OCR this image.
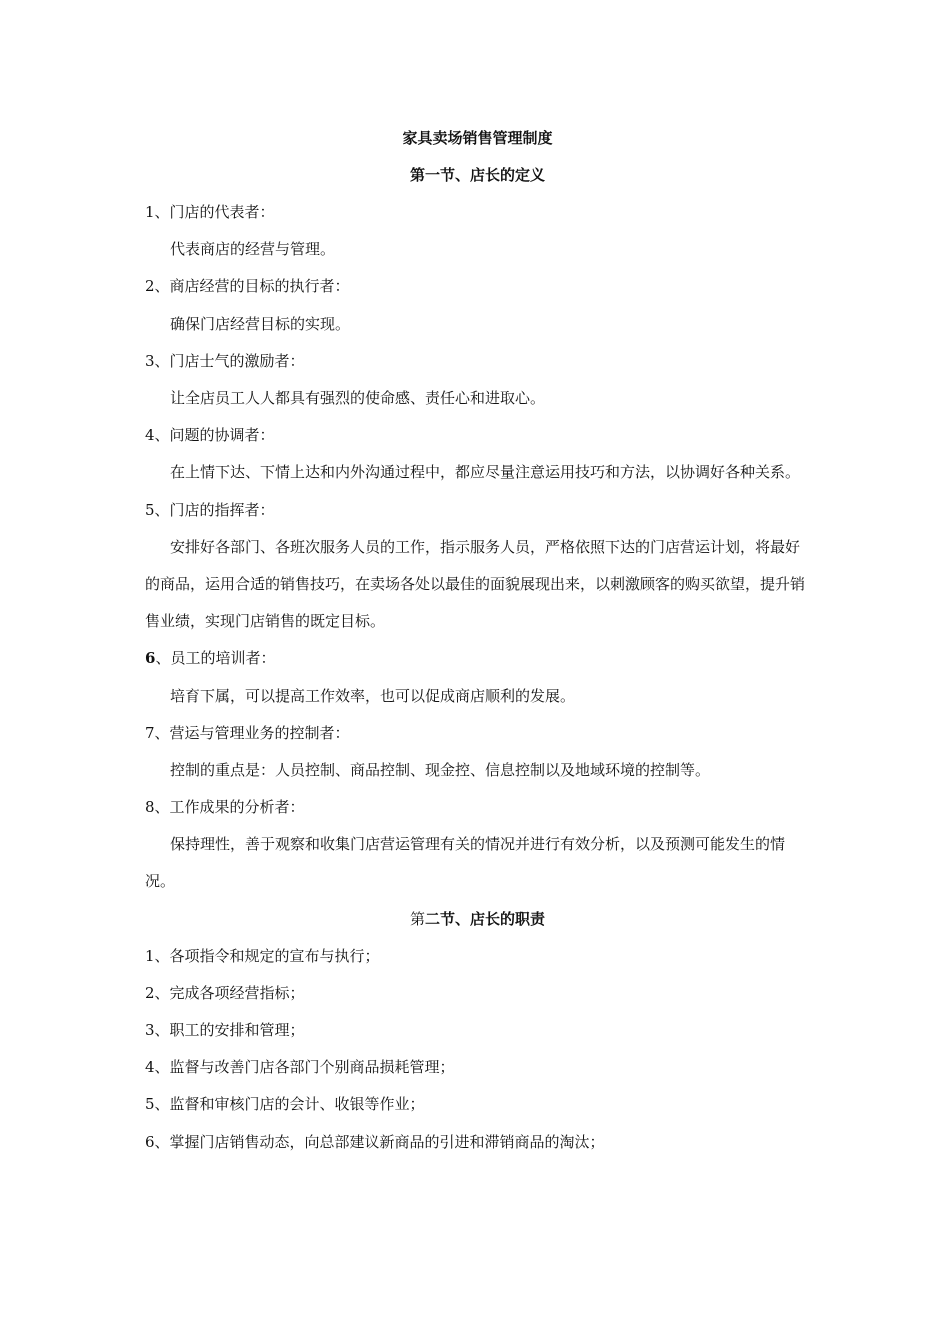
家具卖场销售管理制度
第一节、店长的定义
1、门店的代表者：
代表商店的经营与管理。
2、商店经营的目标的执行者：
确保门店经营目标的实现。
3、门店士气的激励者：
让全店员工人人都具有强烈的使命感、责任心和进取心。
4、问题的协调者：
在上情下达、下情上达和内外沟通过程中，都应尽量注意运用技巧和方法，以协调好各种关系。
5、门店的指挥者：
安排好各部门、各班次服务人员的工作，指示服务人员，严格依照下达的门店营运计划，将最好的商品，运用合适的销售技巧，在卖场各处以最佳的面貌展现出来，以刺激顾客的购买欲望，提升销售业绩，实现门店销售的既定目标。
6、员工的培训者：
培育下属，可以提高工作效率，也可以促成商店顺利的发展。
7、营运与管理业务的控制者：
控制的重点是：人员控制、商品控制、现金控、信息控制以及地域环境的控制等。
8、工作成果的分析者：
保持理性，善于观察和收集门店营运管理有关的情况并进行有效分析，以及预测可能发生的情况。
第二节、店长的职责
1、各项指令和规定的宣布与执行；
2、完成各项经营指标；
3、职工的安排和管理；
4、监督与改善门店各部门个别商品损耗管理；
5、监督和审核门店的会计、收银等作业；
6、掌握门店销售动态，向总部建议新商品的引进和滞销商品的淘汰；
